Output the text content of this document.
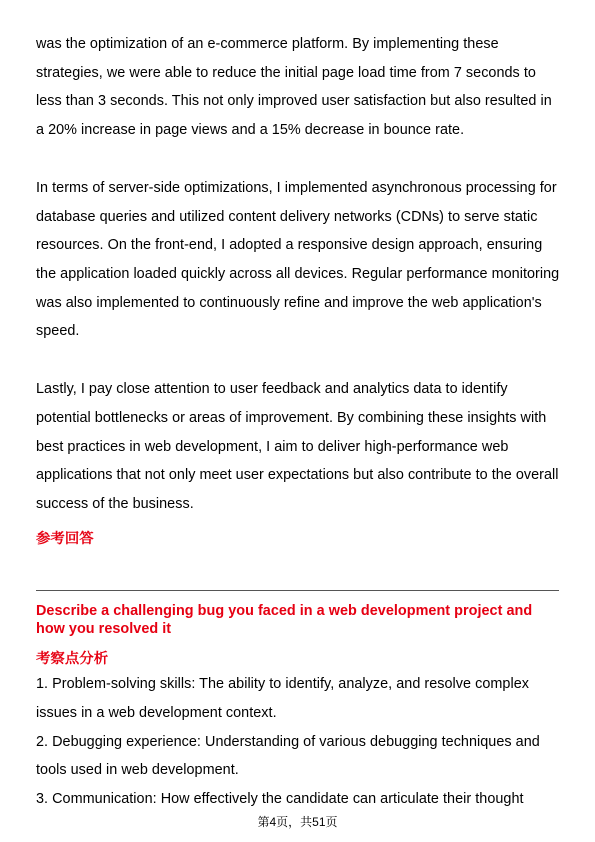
was the optimization of an e-commerce platform. By implementing these
strategies, we were able to reduce the initial page load time from 7 seconds to
less than 3 seconds. This not only improved user satisfaction but also resulted in
a 20% increase in page views and a 15% decrease in bounce rate.
In terms of server-side optimizations, I implemented asynchronous processing for
database queries and utilized content delivery networks (CDNs) to serve static
resources. On the front-end, I adopted a responsive design approach, ensuring
the application loaded quickly across all devices. Regular performance monitoring
was also implemented to continuously refine and improve the web application's
speed.
Lastly, I pay close attention to user feedback and analytics data to identify
potential bottlenecks or areas of improvement. By combining these insights with
best practices in web development, I aim to deliver high-performance web
applications that not only meet user expectations but also contribute to the overall
success of the business.
参考回答
Describe a challenging bug you faced in a web development project and
how you resolved it
考察点分析
1. Problem-solving skills: The ability to identify, analyze, and resolve complex
issues in a web development context.
2. Debugging experience: Understanding of various debugging techniques and
tools used in web development.
3. Communication: How effectively the candidate can articulate their thought
第4页，共51页
